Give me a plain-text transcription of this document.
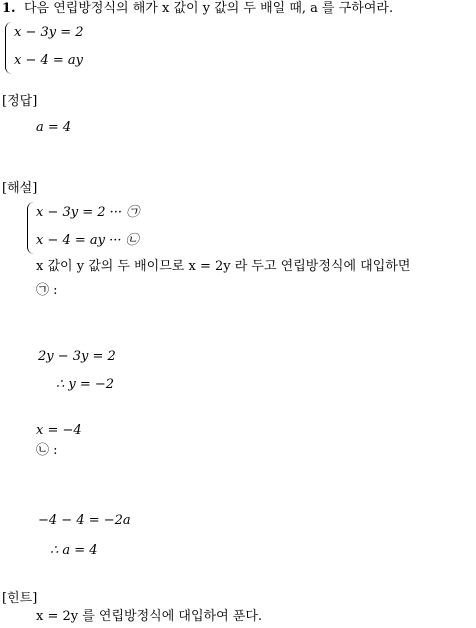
1. 다음 연립방정식의 해가 x 값이 y 값의 두 배일 때, a 를 구하여라.
x − 3y = 2
x − 4 = ay
[정답]
a = 4
[해설]
x − 3y = 2 ··· ㉠
x − 4 = ay ··· ㉡
x 값이 y 값의 두 배이므로 x = 2y 라 두고 연립방정식에 대입하면
㉠ :
2y − 3y = 2
∴ y = −2
x = −4
㉡ :
−4 − 4 = −2a
∴ a = 4
[힌트]
x = 2y 를 연립방정식에 대입하여 푼다.
